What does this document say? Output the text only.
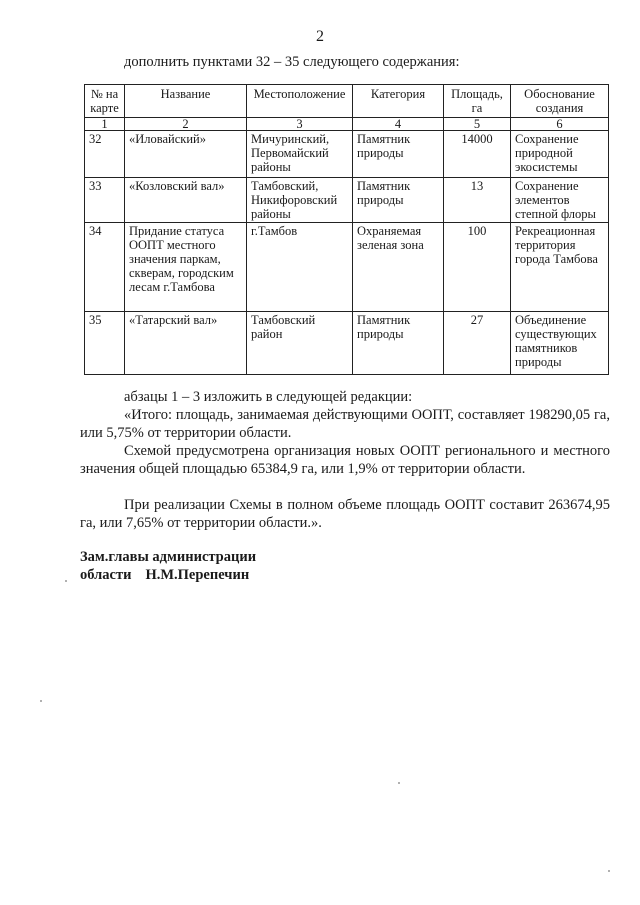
2
дополнить пунктами 32 – 35 следующего содержания:
№ на карте	Название	Местоположение	Категория	Площадь, га	Обоснование создания
1	2	3	4	5	6
32	«Иловайский»	Мичуринский, Первомайский районы	Памятник природы	14000	Сохранение природной экосистемы
33	«Козловский вал»	Тамбовский, Никифоровский районы	Памятник природы	13	Сохранение элементов степной флоры
34	Придание статуса ООПТ местного значения паркам, скверам, городским лесам г.Тамбова	г.Тамбов	Охраняемая зеленая зона	100	Рекреационная территория города Тамбова
35	«Татарский вал»	Тамбовский район	Памятник природы	27	Объединение существующих памятников природы

абзацы 1 – 3 изложить в следующей редакции:

«Итого: площадь, занимаемая действующими ООПТ, составляет 198290,05 га, или 5,75% от территории области.

Схемой предусмотрена организация новых ООПТ регионального и местного значения общей площадью 65384,9 га, или 1,9% от территории области.

При реализации Схемы в полном объеме площадь ООПТ составит 263674,95 га, или 7,65% от территории области.».

Зам.главы администрации
области Н.М.Перепечин
